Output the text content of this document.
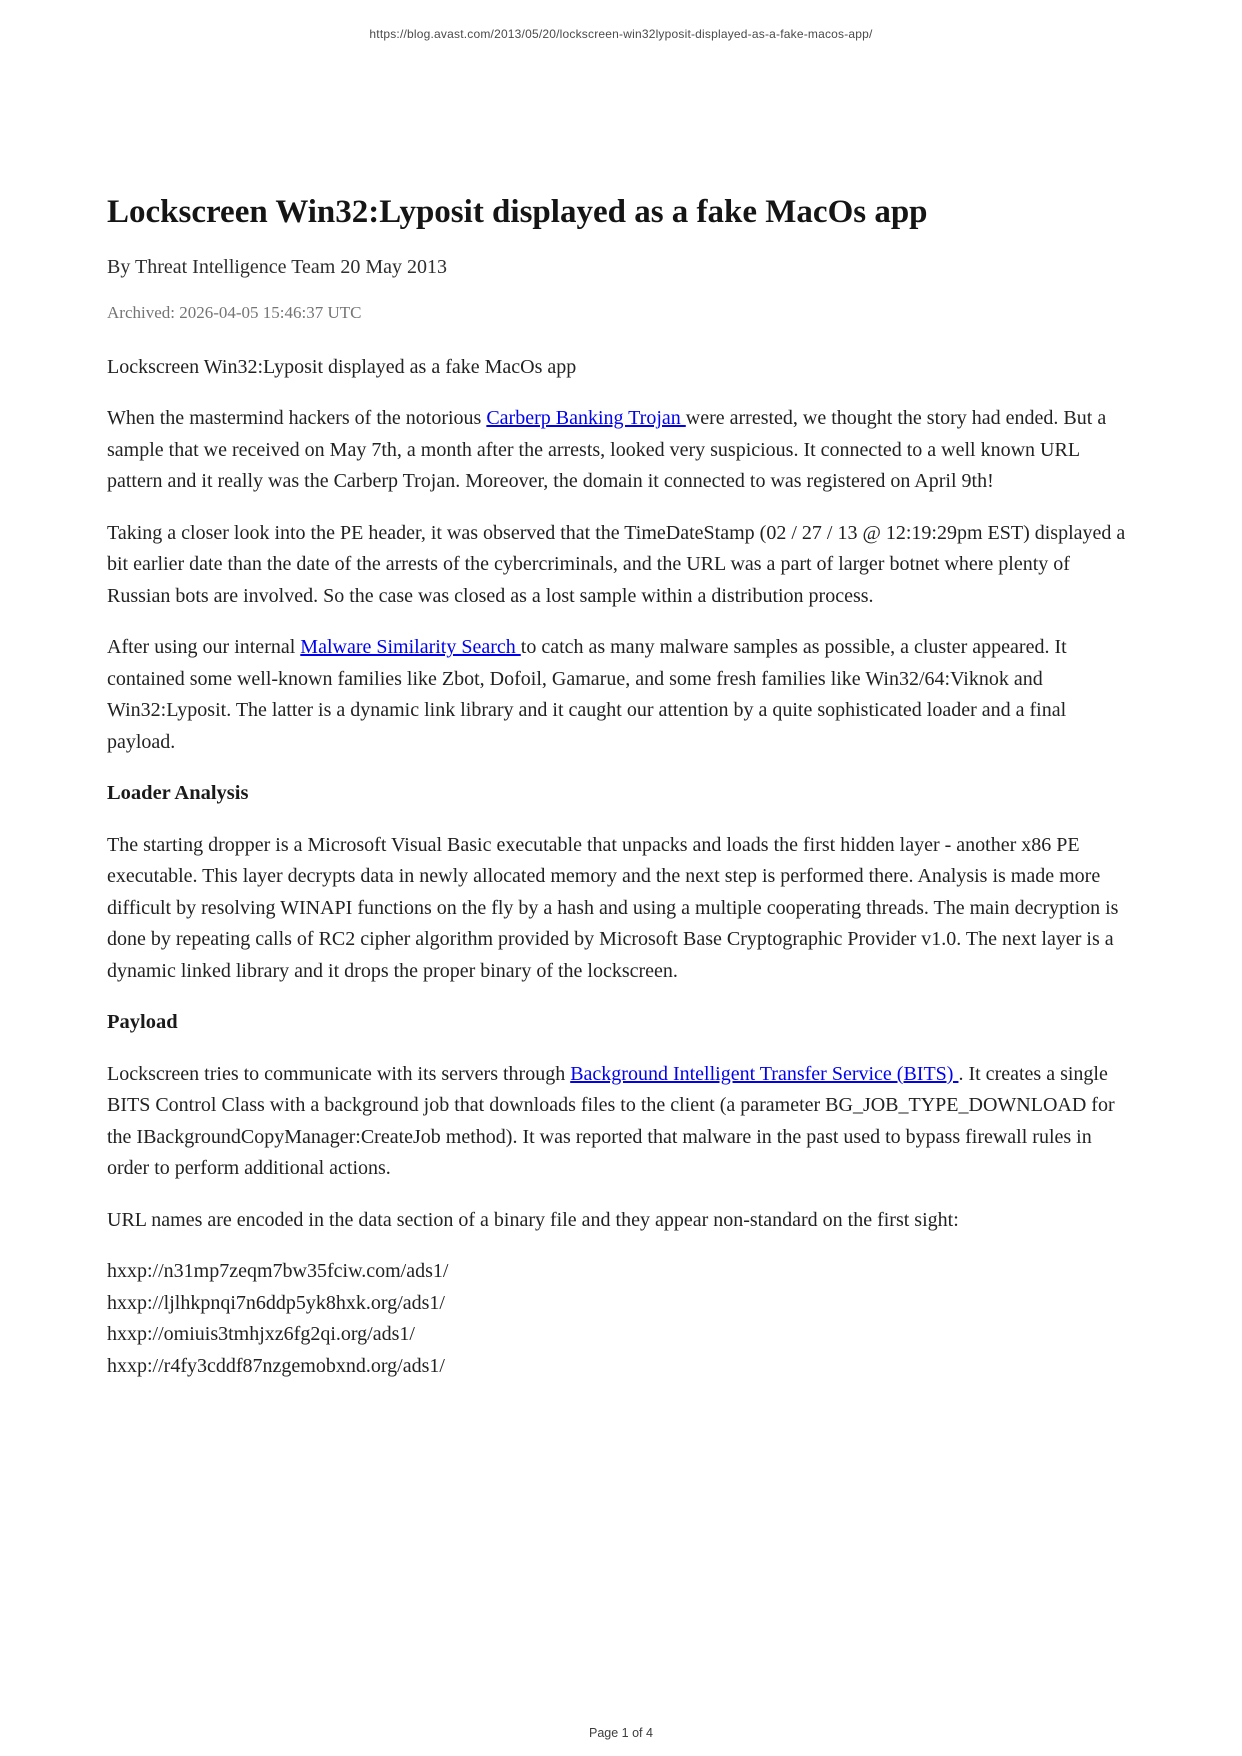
https://blog.avast.com/2013/05/20/lockscreen-win32lyposit-displayed-as-a-fake-macos-app/
Lockscreen Win32:Lyposit displayed as a fake MacOs app
By Threat Intelligence Team 20 May 2013
Archived: 2026-04-05 15:46:37 UTC

Lockscreen Win32:Lyposit displayed as a fake MacOs app

When the mastermind hackers of the notorious Carberp Banking Trojan were arrested, we thought the story had ended. But a sample that we received on May 7th, a month after the arrests, looked very suspicious. It connected to a well known URL pattern and it really was the Carberp Trojan. Moreover, the domain it connected to was registered on April 9th!

Taking a closer look into the PE header, it was observed that the TimeDateStamp (02 / 27 / 13 @ 12:19:29pm EST) displayed a bit earlier date than the date of the arrests of the cybercriminals, and the URL was a part of larger botnet where plenty of Russian bots are involved. So the case was closed as a lost sample within a distribution process.

After using our internal Malware Similarity Search to catch as many malware samples as possible, a cluster appeared. It contained some well-known families like Zbot, Dofoil, Gamarue, and some fresh families like Win32/64:Viknok and Win32:Lyposit. The latter is a dynamic link library and it caught our attention by a quite sophisticated loader and a final payload.

Loader Analysis

The starting dropper is a Microsoft Visual Basic executable that unpacks and loads the first hidden layer - another x86 PE executable. This layer decrypts data in newly allocated memory and the next step is performed there. Analysis is made more difficult by resolving WINAPI functions on the fly by a hash and using a multiple cooperating threads. The main decryption is done by repeating calls of RC2 cipher algorithm provided by Microsoft Base Cryptographic Provider v1.0. The next layer is a dynamic linked library and it drops the proper binary of the lockscreen.

Payload

Lockscreen tries to communicate with its servers through Background Intelligent Transfer Service (BITS) . It creates a single BITS Control Class with a background job that downloads files to the client (a parameter BG_JOB_TYPE_DOWNLOAD for the IBackgroundCopyManager:CreateJob method). It was reported that malware in the past used to bypass firewall rules in order to perform additional actions.

URL names are encoded in the data section of a binary file and they appear non-standard on the first sight:

hxxp://n31mp7zeqm7bw35fciw.com/ads1/
hxxp://ljlhkpnqi7n6ddp5yk8hxk.org/ads1/
hxxp://omiuis3tmhjxz6fg2qi.org/ads1/
hxxp://r4fy3cddf87nzgemobxnd.org/ads1/
Page 1 of 4
